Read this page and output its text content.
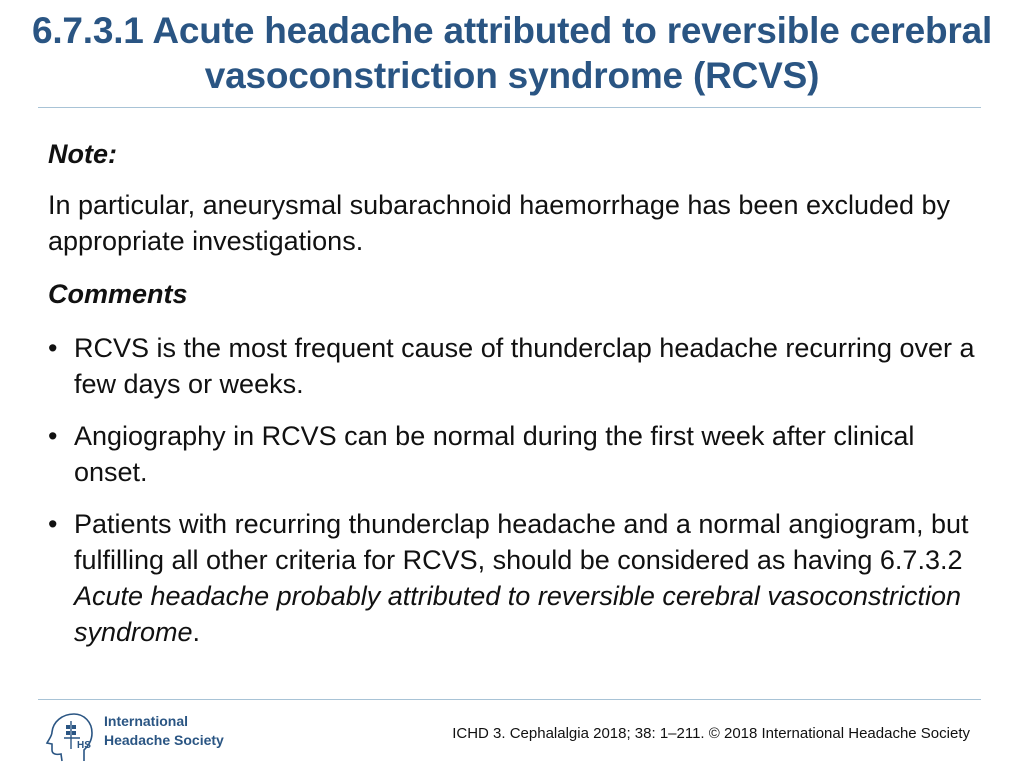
6.7.3.1 Acute headache attributed to reversible cerebral vasoconstriction syndrome (RCVS)

Note:

In particular, aneurysmal subarachnoid haemorrhage has been excluded by appropriate investigations.

Comments

• RCVS is the most frequent cause of thunderclap headache recurring over a few days or weeks.
• Angiography in RCVS can be normal during the first week after clinical onset.
• Patients with recurring thunderclap headache and a normal angiogram, but fulfilling all other criteria for RCVS, should be considered as having 6.7.3.2 Acute headache probably attributed to reversible cerebral vasoconstriction syndrome.
HS
International
Headache Society	ICHD 3. Cephalalgia 2018; 38: 1–211. © 2018 International Headache Society
